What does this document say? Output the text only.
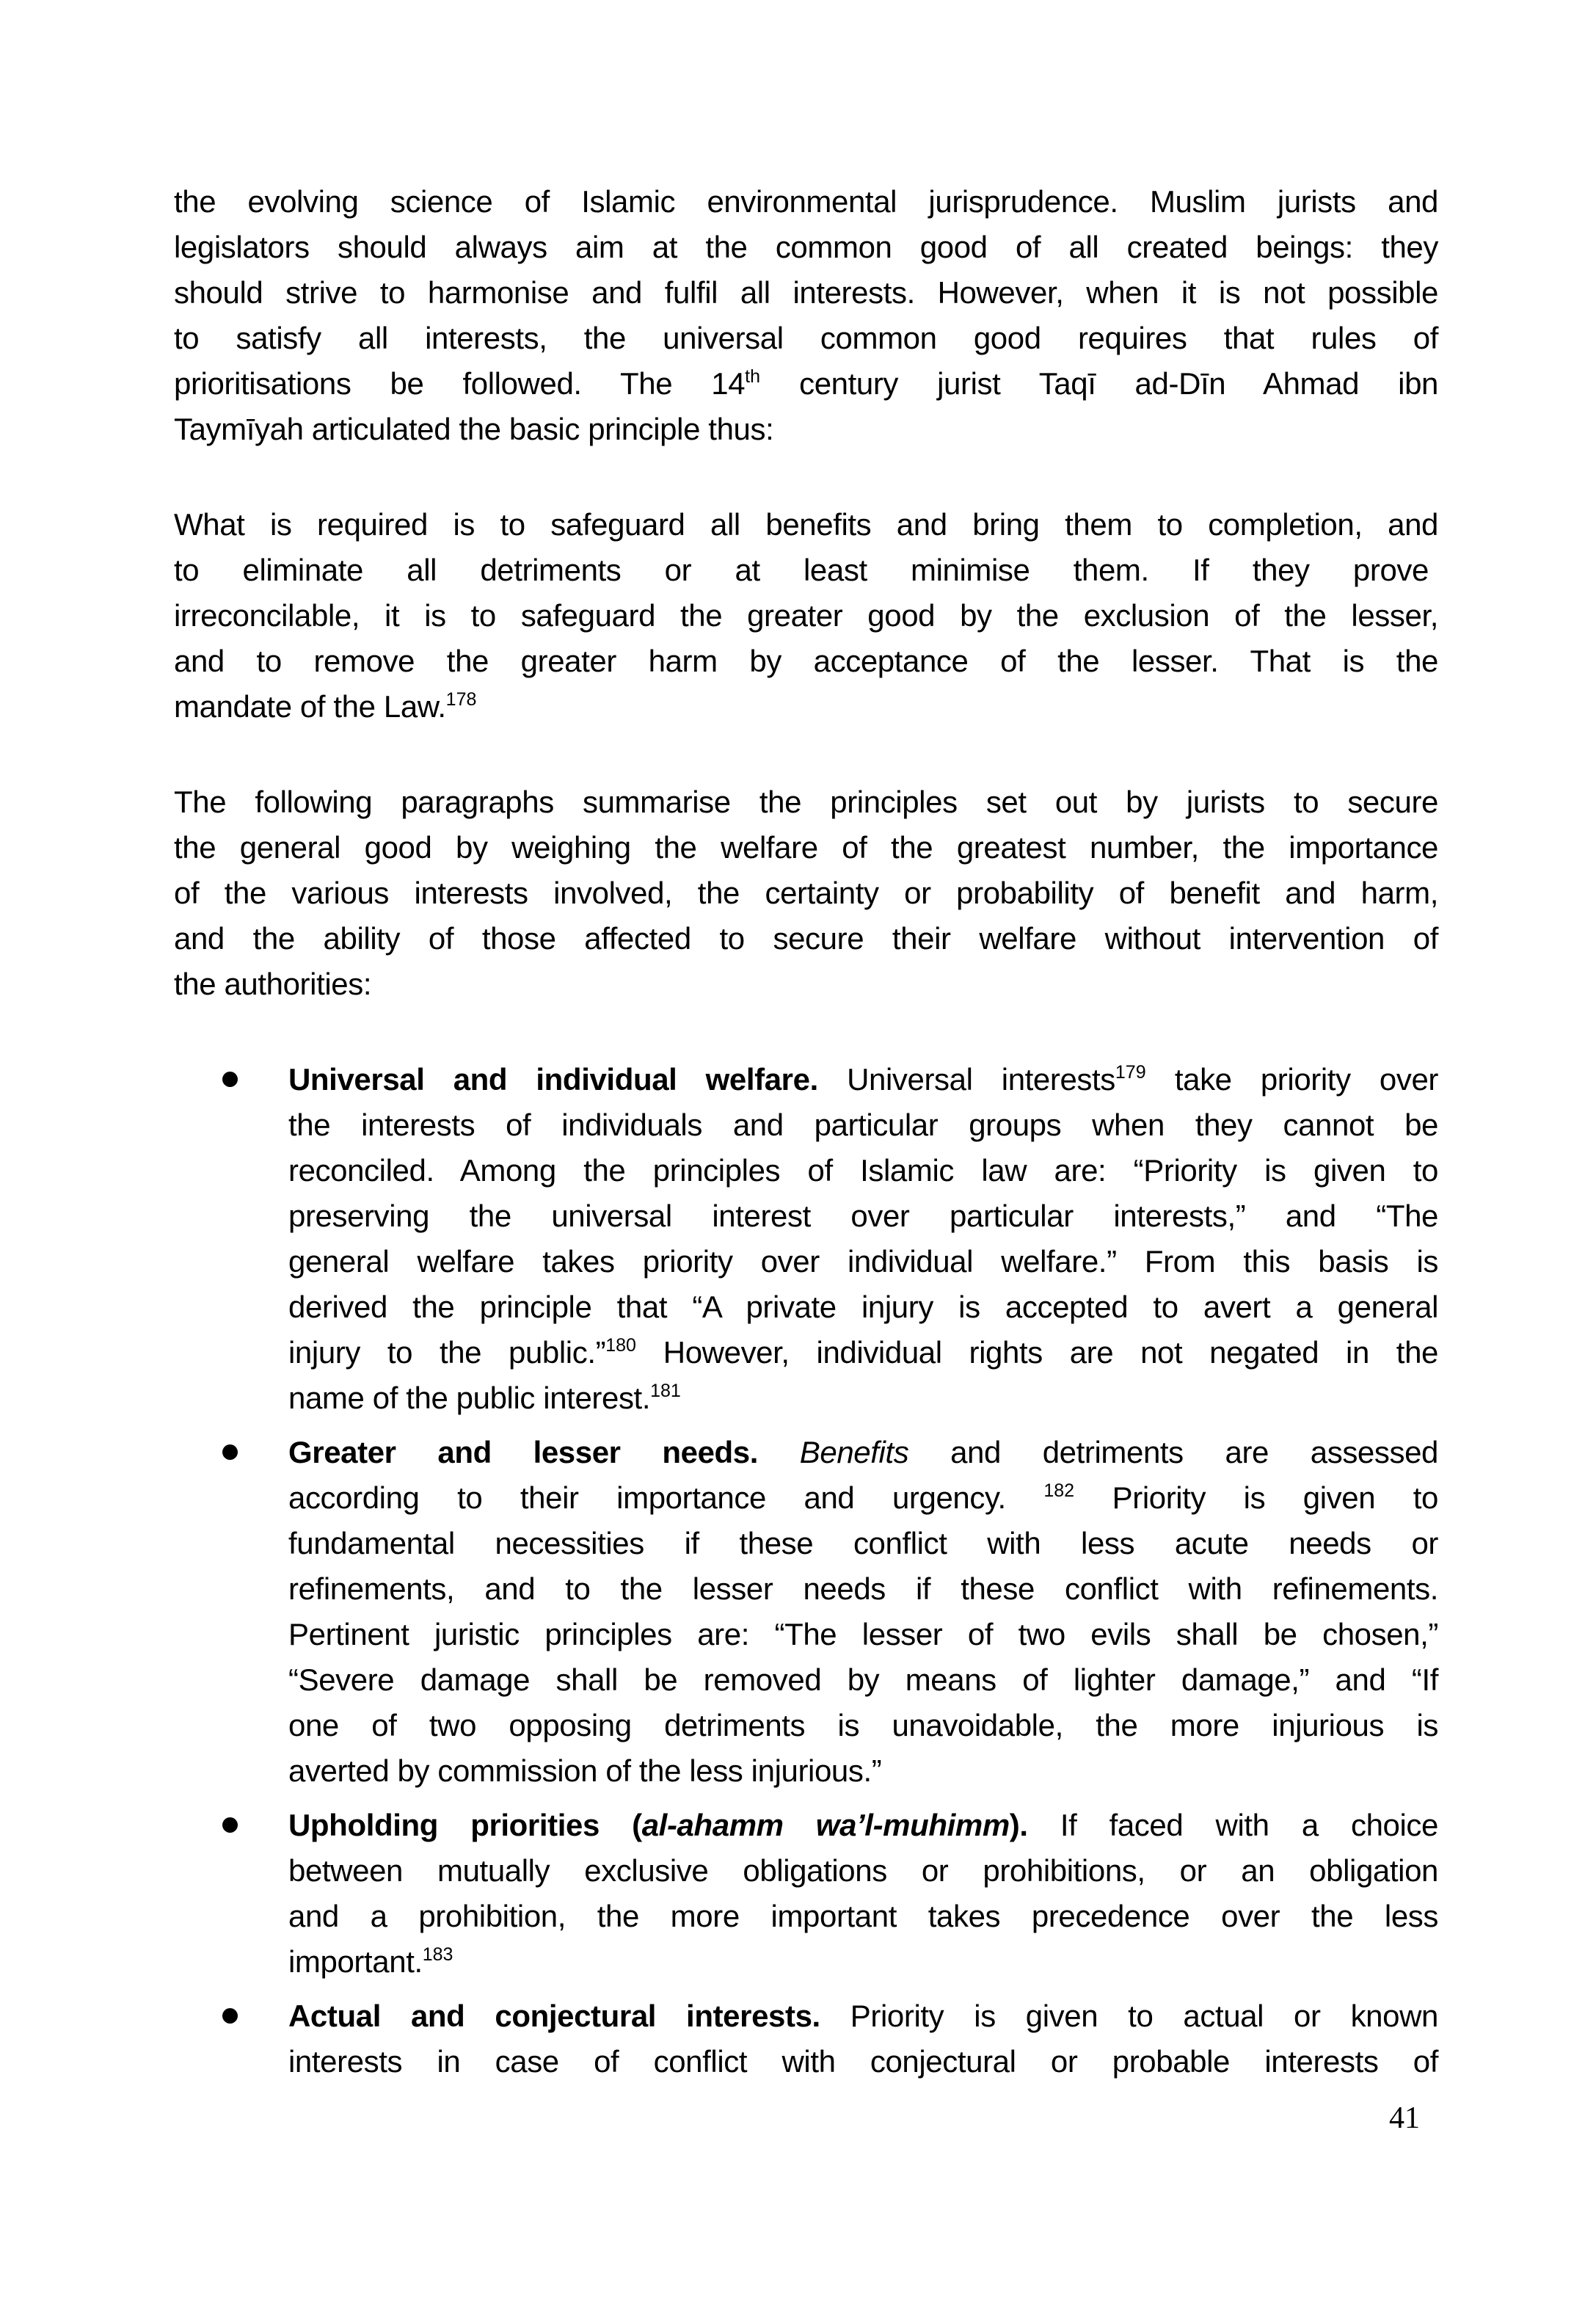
the evolving science of Islamic environmental jurisprudence. Muslim jurists and
legislators should always aim at the common good of all created beings: they
should strive to harmonise and fulfil all interests. However, when it is not possible
to satisfy all interests, the universal common good requires that rules of
prioritisations be followed. The 14th century jurist Taqī ad-Dīn Ahmad ibn
Taymīyah articulated the basic principle thus:
What is required is to safeguard all benefits and bring them to completion, and
to eliminate all detriments or at least minimise them. If they prove
irreconcilable, it is to safeguard the greater good by the exclusion of the lesser,
and to remove the greater harm by acceptance of the lesser. That is the
mandate of the Law.$^{178}$
The following paragraphs summarise the principles set out by jurists to secure
the general good by weighing the welfare of the greatest number, the importance
of the various interests involved, the certainty or probability of benefit and harm,
and the ability of those affected to secure their welfare without intervention of
the authorities:
Universal and individual welfare. Universal interests$^{179}$ take priority over
the interests of individuals and particular groups when they cannot be
reconciled. Among the principles of Islamic law are: “Priority is given to
preserving the universal interest over particular interests,” and “The
general welfare takes priority over individual welfare.” From this basis is
derived the principle that “A private injury is accepted to avert a general
injury to the public.”$^{180}$ However, individual rights are not negated in the
name of the public interest.$^{181}$
Greater and lesser needs. Benefits and detriments are assessed
according to their importance and urgency. $^{182}$ Priority is given to
fundamental necessities if these conflict with less acute needs or
refinements, and to the lesser needs if these conflict with refinements.
Pertinent juristic principles are: “The lesser of two evils shall be chosen,”
“Severe damage shall be removed by means of lighter damage,” and “If
one of two opposing detriments is unavoidable, the more injurious is
averted by commission of the less injurious.”
Upholding priorities (al-ahamm wa’l-muhimm). If faced with a choice
between mutually exclusive obligations or prohibitions, or an obligation
and a prohibition, the more important takes precedence over the less
important.$^{183}$
Actual and conjectural interests. Priority is given to actual or known
interests in case of conflict with conjectural or probable interests of
41
